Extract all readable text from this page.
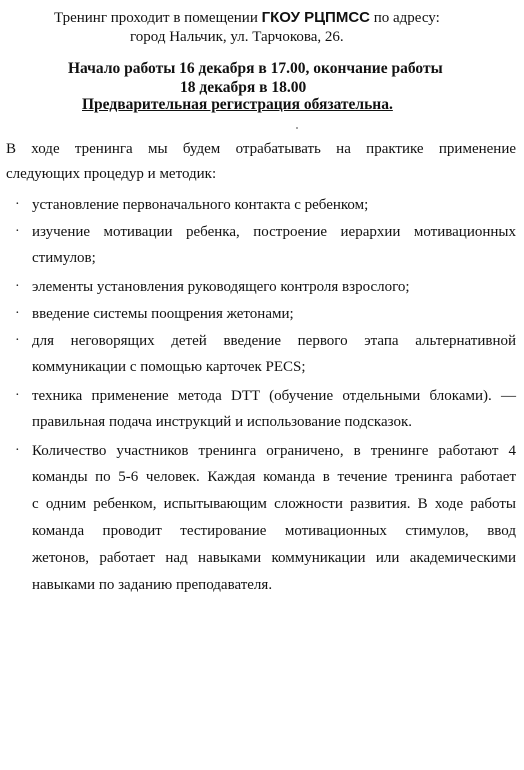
Тренинг проходит в помещении ГКОУ РЦПМСС по адресу:
город Нальчик, ул. Тарчокова, 26.
Начало работы 16 декабря в 17.00, окончание работы
18 декабря в 18.00
Предварительная регистрация обязательна.
В ходе тренинга мы будем отрабатывать на практике применение
следующих процедур и методик:
· установление первоначального контакта с ребенком;
· изучение мотивации ребенка, построение иерархии мотивационных
стимулов;
· элементы установления руководящего контроля взрослого;
· введение системы поощрения жетонами;
· для неговорящих детей введение первого этапа альтернативной
коммуникации с помощью карточек PECS;
· техника применение метода DTT (обучение отдельными блоками). —
правильная подача инструкций и использование подсказок.
· Количество участников тренинга ограничено, в тренинге работают 4
команды по 5-6 человек. Каждая команда в течение тренинга работает
с одним ребенком, испытывающим сложности развития. В ходе работы
команда проводит тестирование мотивационных стимулов, ввод
жетонов, работает над навыками коммуникации или академическими
навыками по заданию преподавателя.
